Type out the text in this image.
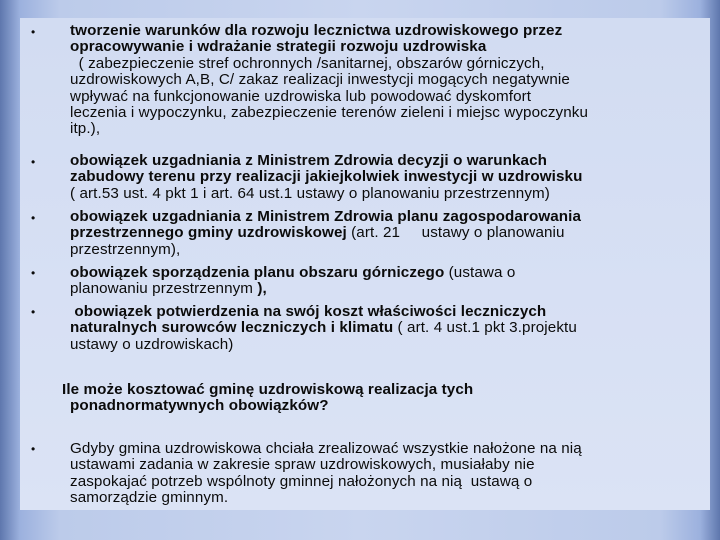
•
•
•
•
•
•
tworzenie warunków dla rozwoju lecznictwa uzdrowiskowego przez
opracowywanie i wdrażanie strategii rozwoju uzdrowiska
( zabezpieczenie stref ochronnych /sanitarnej, obszarów górniczych,
uzdrowiskowych A,B, C/ zakaz realizacji inwestycji mogących negatywnie
wpływać na funkcjonowanie uzdrowiska lub powodować dyskomfort
leczenia i wypoczynku, zabezpieczenie terenów zieleni i miejsc wypoczynku
itp.),
obowiązek uzgadniania z Ministrem Zdrowia decyzji o warunkach
zabudowy terenu przy realizacji jakiejkolwiek inwestycji w uzdrowisku
( art.53 ust. 4 pkt 1 i art. 64 ust.1 ustawy o planowaniu przestrzennym)
obowiązek uzgadniania z Ministrem Zdrowia planu zagospodarowania
przestrzennego gminy uzdrowiskowej (art. 21     ustawy o planowaniu
przestrzennym),
obowiązek sporządzenia planu obszaru górniczego (ustawa o
planowaniu przestrzennym ),
obowiązek potwierdzenia na swój koszt właściwości leczniczych
naturalnych surowców leczniczych i klimatu ( art. 4 ust.1 pkt 3.projektu
ustawy o uzdrowiskach)
Ile może kosztować gminę uzdrowiskową realizacja tych
ponadnormatywnych obowiązków?
Gdyby gmina uzdrowiskowa chciała zrealizować wszystkie nałożone na nią
ustawami zadania w zakresie spraw uzdrowiskowych, musiałaby nie
zaspokajać potrzeb wspólnoty gminnej nałożonych na nią  ustawą o
samorządzie gminnym.
